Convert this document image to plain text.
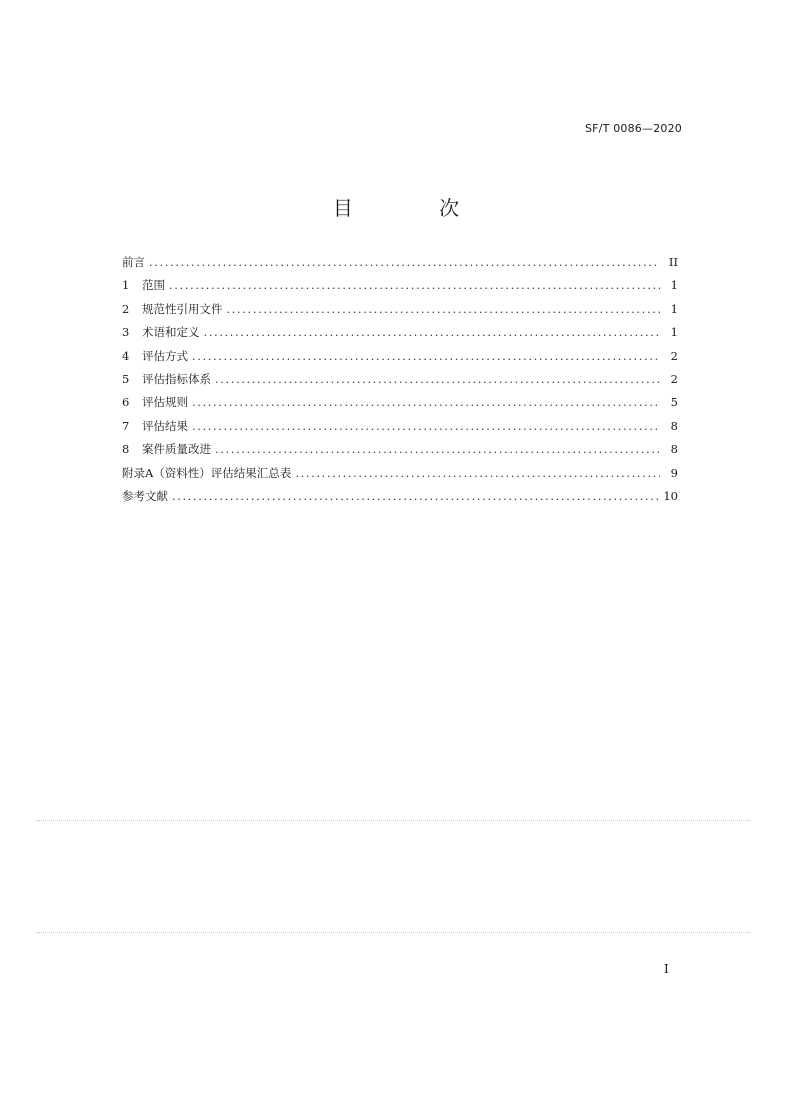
SF/T 0086—2020
目 次
前言 .....	II
1	范围 .....	1
2	规范性引用文件 .....	1
3	术语和定义 .....	1
4	评估方式 .....	2
5	评估指标体系 .....	2
6	评估规则 .....	5
7	评估结果 .....	8
8	案件质量改进 .....	8
附录A（资料性）评估结果汇总表 .....	9
参考文献 .....	10
I
